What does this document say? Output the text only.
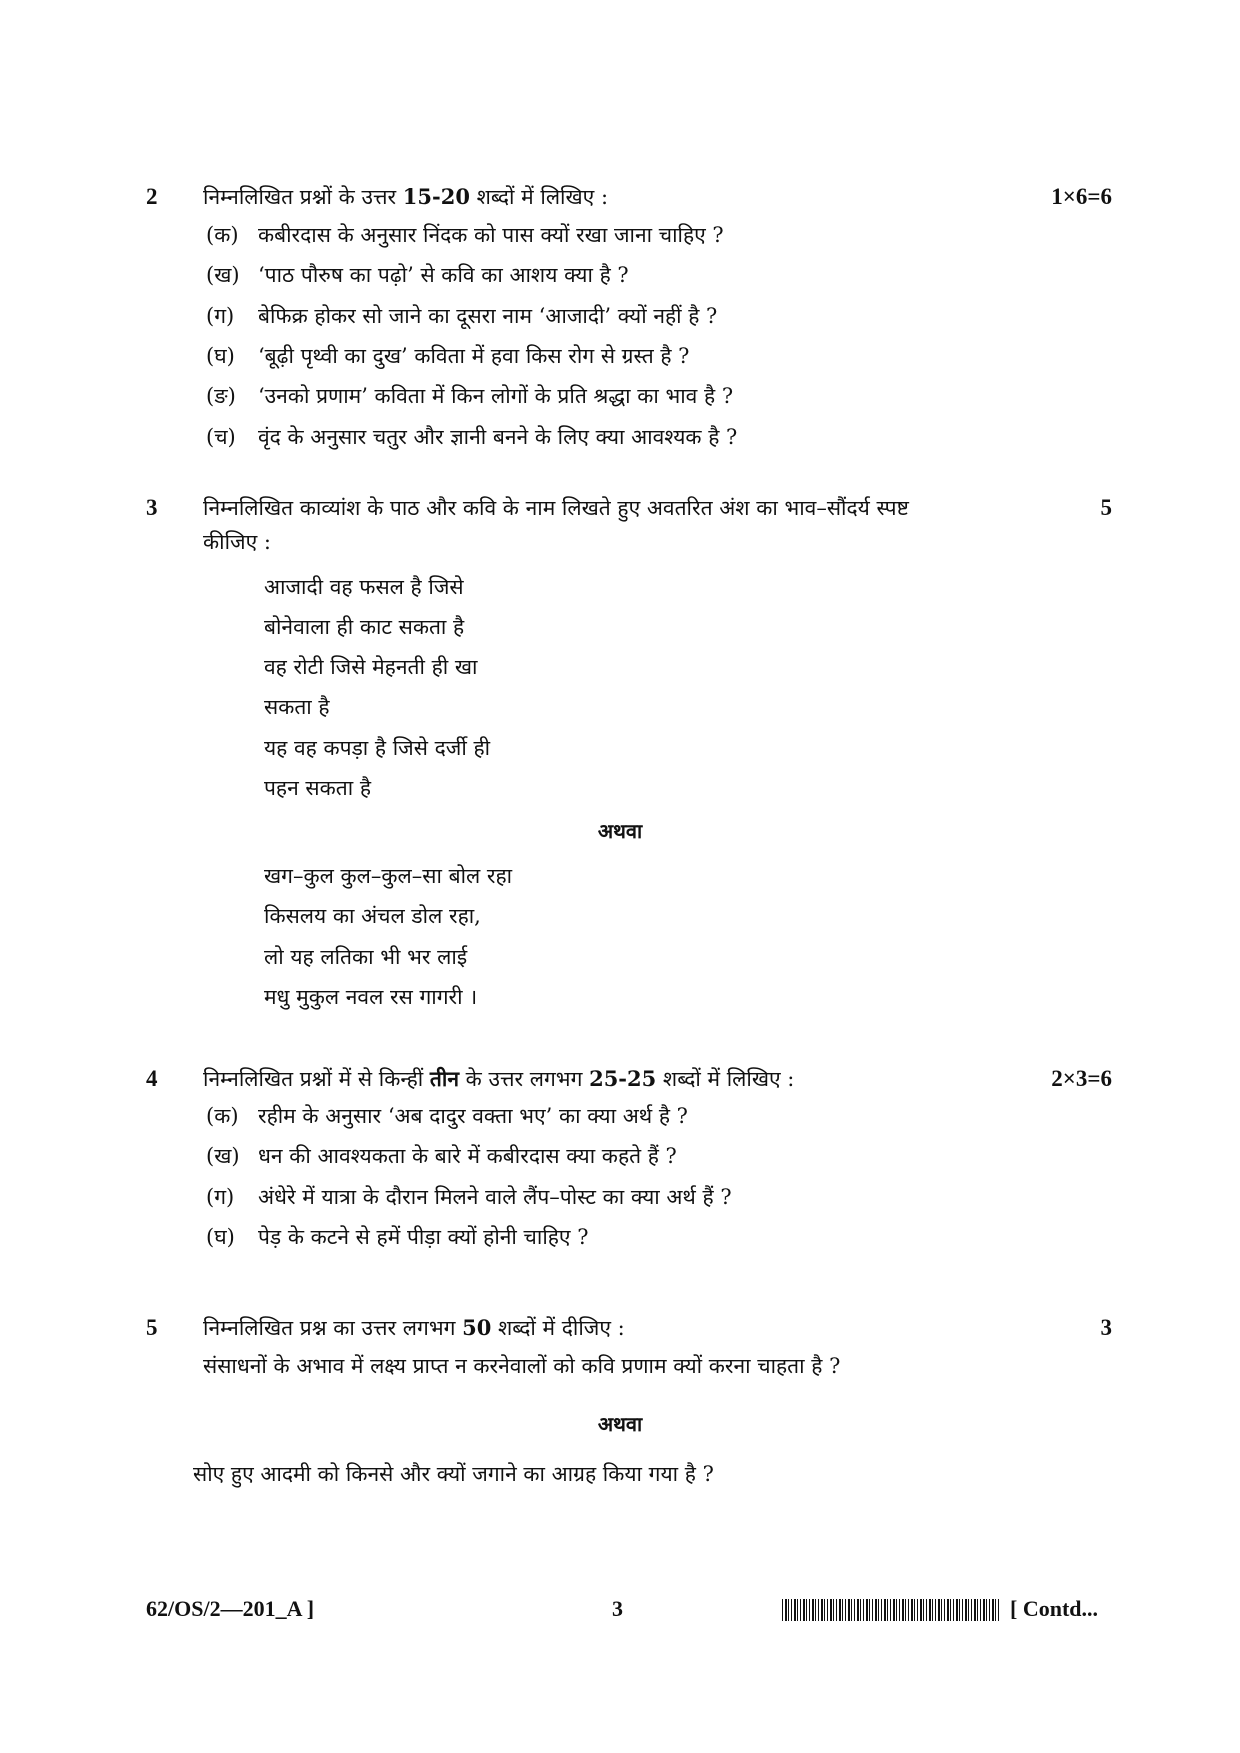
2 निम्नलिखित प्रश्नों के उत्तर 15-20 शब्दों में लिखिए :	1×6=6
(क) कबीरदास के अनुसार निंदक को पास क्यों रखा जाना चाहिए ?
(ख) ‘पाठ पौरुष का पढ़ो’ से कवि का आशय क्या है ?
(ग) बेफिक्र होकर सो जाने का दूसरा नाम ‘आजादी’ क्यों नहीं है ?
(घ) ‘बूढ़ी पृथ्वी का दुख’ कविता में हवा किस रोग से ग्रस्त है ?
(ङ) ‘उनको प्रणाम’ कविता में किन लोगों के प्रति श्रद्धा का भाव है ?
(च) वृंद के अनुसार चतुर और ज्ञानी बनने के लिए क्या आवश्यक है ?
3 निम्नलिखित काव्यांश के पाठ और कवि के नाम लिखते हुए अवतरित अंश का भाव–सौंदर्य स्पष्ट
कीजिए :
5
आजादी वह फसल है जिसे
बोनेवाला ही काट सकता है
वह रोटी जिसे मेहनती ही खा
सकता है
यह वह कपड़ा है जिसे दर्जी ही
पहन सकता है
अथवा
खग–कुल कुल–कुल–सा बोल रहा
किसलय का अंचल डोल रहा,
लो यह लतिका भी भर लाई
मधु मुकुल नवल रस गागरी ।
4 निम्नलिखित प्रश्नों में से किन्हीं तीन के उत्तर लगभग 25-25 शब्दों में लिखिए :	2×3=6
(क) रहीम के अनुसार ‘अब दादुर वक्ता भए’ का क्या अर्थ है ?
(ख) धन की आवश्यकता के बारे में कबीरदास क्या कहते हैं ?
(ग) अंधेरे में यात्रा के दौरान मिलने वाले लैंप–पोस्ट का क्या अर्थ हैं ?
(घ) पेड़ के कटने से हमें पीड़ा क्यों होनी चाहिए ?
5 निम्नलिखित प्रश्न का उत्तर लगभग 50 शब्दों में दीजिए :	3
संसाधनों के अभाव में लक्ष्य प्राप्त न करनेवालों को कवि प्रणाम क्यों करना चाहता है ?
अथवा
सोए हुए आदमी को किनसे और क्यों जगाने का आग्रह किया गया है ?
62/OS/2—201_A ]	3	[ Contd...
